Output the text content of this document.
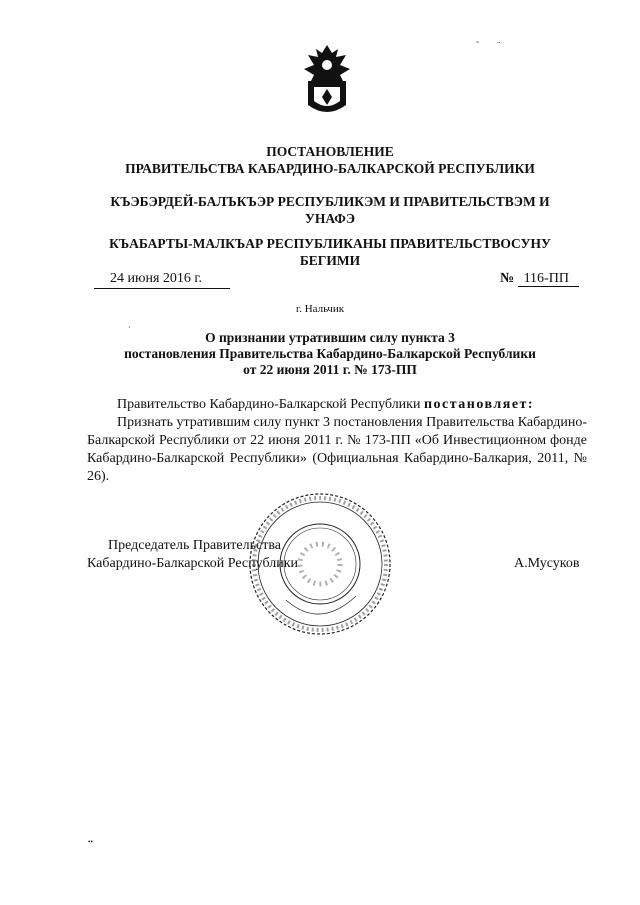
˜ ¨
ПОСТАНОВЛЕНИЕ
ПРАВИТЕЛЬСТВА КАБАРДИНО-БАЛКАРСКОЙ РЕСПУБЛИКИ
КЪЭБЭРДЕЙ-БАЛЪКЪЭР РЕСПУБЛИКЭМ И ПРАВИТЕЛЬСТВЭМ И
УНАФЭ
КЪАБАРТЫ-МАЛКЪАР РЕСПУБЛИКАНЫ ПРАВИТЕЛЬСТВОСУНУ
БЕГИМИ
24 июня 2016 г.	№ 116-ПП
г. Нальчик
·
О признании утратившим силу пункта 3
постановления Правительства Кабардино-Балкарской Республики
от 22 июня 2011 г. № 173-ПП
Правительство Кабардино-Балкарской Республики постановляет:
Признать утратившим силу пункт 3 постановления Правительства Кабардино-Балкарской Республики от 22 июня 2011 г. № 173-ПП «Об Инвестиционном фонде Кабардино-Балкарской Республики» (Официальная Кабардино-Балкария, 2011, № 26).
Председатель Правительства
Кабардино-Балкарской Республики	А.Мусуков
••
